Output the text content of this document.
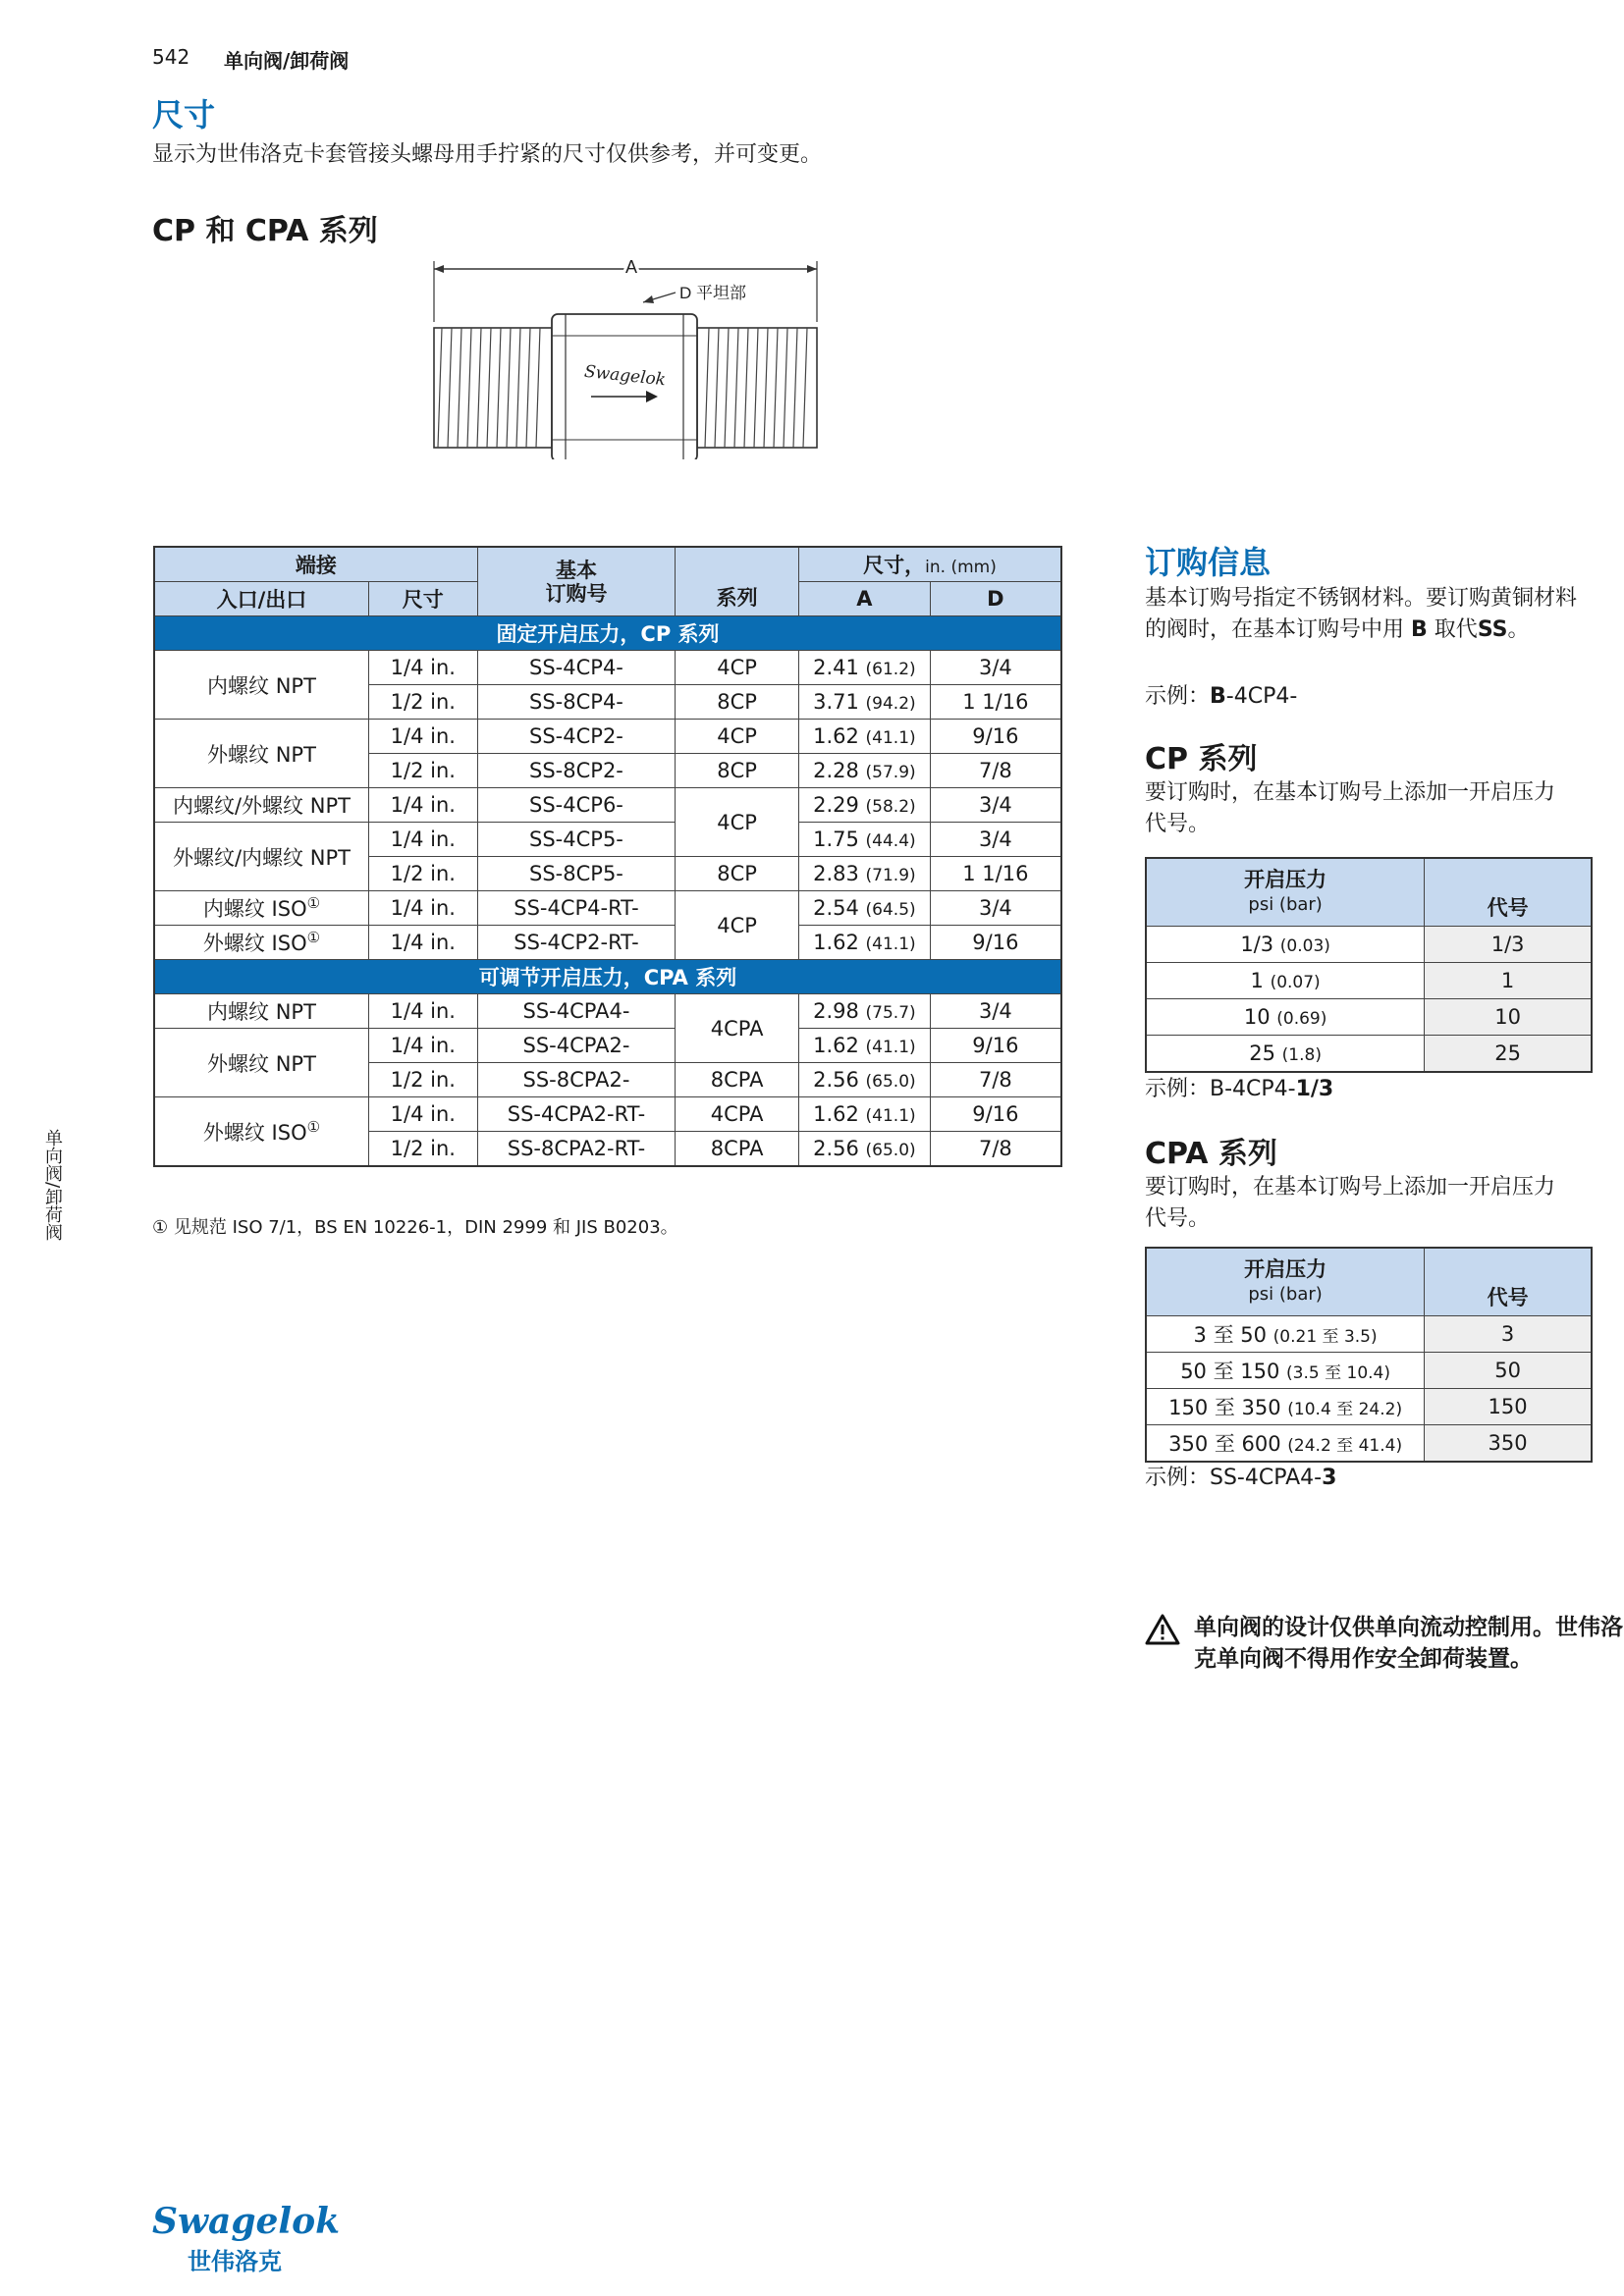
542 单向阀/卸荷阀
尺寸
显示为世伟洛克卡套管接头螺母用手拧紧的尺寸仅供参考，并可变更。
CP 和 CPA 系列
A
D 平坦部
Swagelok
端接		基本
订购号	系列	尺寸，in. (mm)	
入口/出口	尺寸			A	D
固定开启压力，CP 系列					
内螺纹 NPT	1/4 in.	SS-4CP4-	4CP	2.41 (61.2)	3/4
	1/2 in.	SS-8CP4-	8CP	3.71 (94.2)	1 1/16
外螺纹 NPT	1/4 in.	SS-4CP2-	4CP	1.62 (41.1)	9/16
	1/2 in.	SS-8CP2-	8CP	2.28 (57.9)	7/8
内螺纹/外螺纹 NPT	1/4 in.	SS-4CP6-	4CP	2.29 (58.2)	3/4
外螺纹/内螺纹 NPT	1/4 in.	SS-4CP5-		1.75 (44.4)	3/4
	1/2 in.	SS-8CP5-	8CP	2.83 (71.9)	1 1/16
内螺纹 ISO①	1/4 in.	SS-4CP4-RT-	4CP	2.54 (64.5)	3/4
外螺纹 ISO①	1/4 in.	SS-4CP2-RT-		1.62 (41.1)	9/16
可调节开启压力，CPA 系列					
内螺纹 NPT	1/4 in.	SS-4CPA4-	4CPA	2.98 (75.7)	3/4
外螺纹 NPT	1/4 in.	SS-4CPA2-		1.62 (41.1)	9/16
	1/2 in.	SS-8CPA2-	8CPA	2.56 (65.0)	7/8
外螺纹 ISO①	1/4 in.	SS-4CPA2-RT-	4CPA	1.62 (41.1)	9/16
	1/2 in.	SS-8CPA2-RT-	8CPA	2.56 (65.0)	7/8
① 见规范 ISO 7/1，BS EN 10226-1，DIN 2999 和 JIS B0203。
订购信息
基本订购号指定不锈钢材料。要订购黄铜材料的阀时，在基本订购号中用 B 取代SS。
示例：B-4CP4-
CP 系列
要订购时，在基本订购号上添加一开启压力代号。
开启压力
psi (bar)	代号
1/3 (0.03)	1/3
1 (0.07)	1
10 (0.69)	10
25 (1.8)	25
示例：B-4CP4-1/3
CPA 系列
要订购时，在基本订购号上添加一开启压力代号。
开启压力
psi (bar)	代号
3 至 50 (0.21 至 3.5)	3
50 至 150 (3.5 至 10.4)	50
150 至 350 (10.4 至 24.2)	150
350 至 600 (24.2 至 41.4)	350
示例：SS-4CPA4-3
单向阀的设计仅供单向流动控制用。世伟洛克单向阀不得用作安全卸荷装置。
单向阀/卸荷阀
Swagelok
世伟洛克
